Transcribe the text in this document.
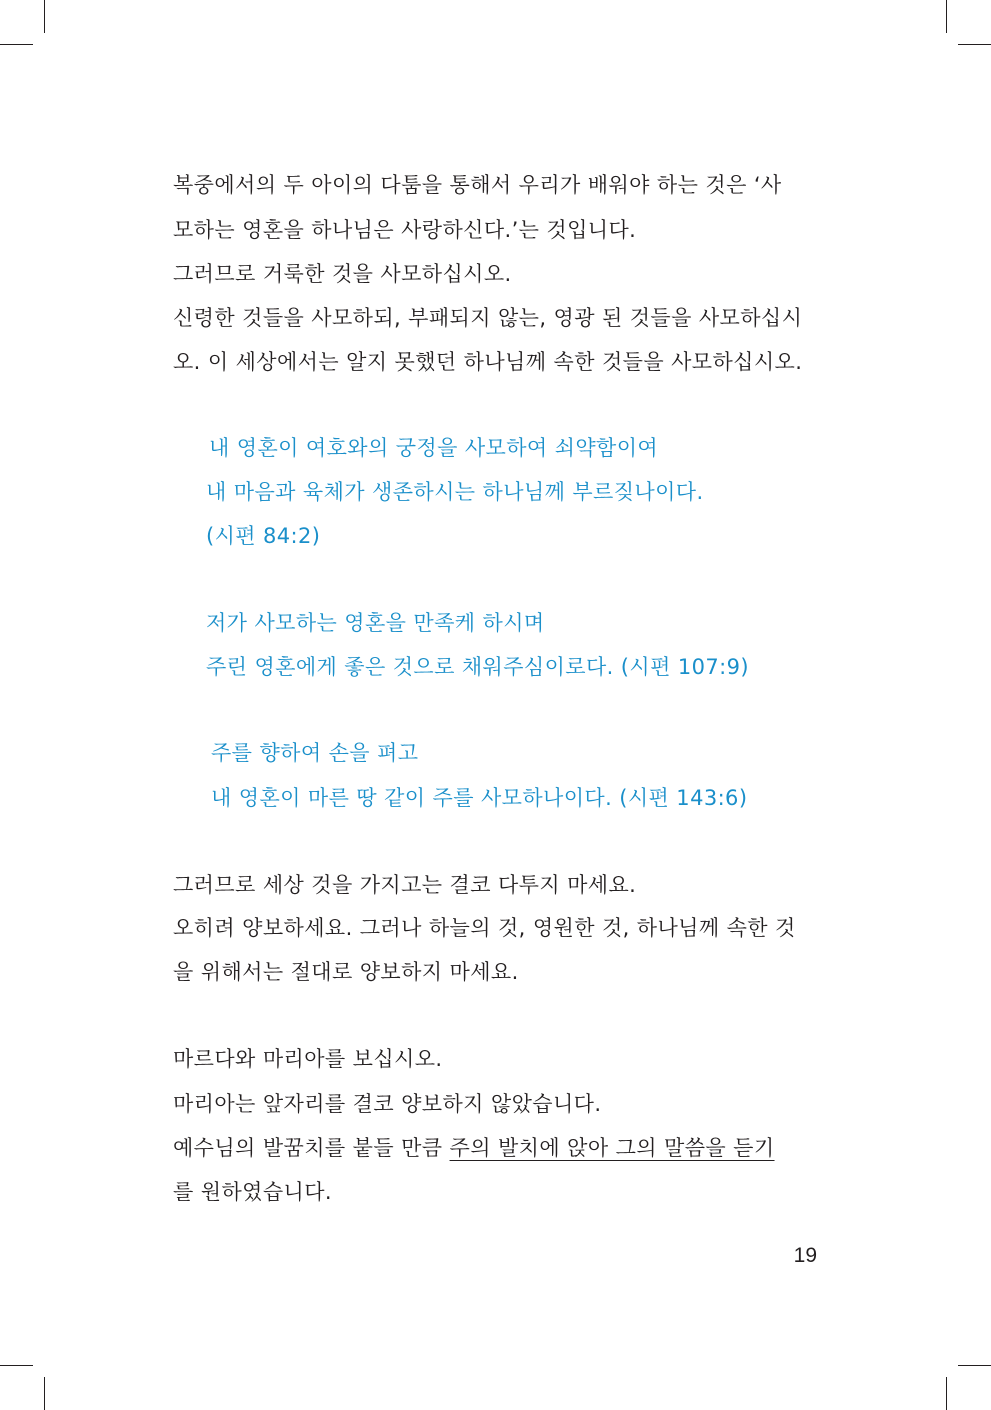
복중에서의 두 아이의 다툼을 통해서 우리가 배워야 하는 것은 ‘사
모하는 영혼을 하나님은 사랑하신다.’는 것입니다.
그러므로 거룩한 것을 사모하십시오.
신령한 것들을 사모하되, 부패되지 않는, 영광 된 것들을 사모하십시
오. 이 세상에서는 알지 못했던 하나님께 속한 것들을 사모하십시오.
내 영혼이 여호와의 궁정을 사모하여 쇠약함이여
내 마음과 육체가 생존하시는 하나님께 부르짖나이다.
(시편 84:2)
저가 사모하는 영혼을 만족케 하시며
주린 영혼에게 좋은 것으로 채워주심이로다. (시편 107:9)
주를 향하여 손을 펴고
내 영혼이 마른 땅 같이 주를 사모하나이다. (시편 143:6)
그러므로 세상 것을 가지고는 결코 다투지 마세요.
오히려 양보하세요. 그러나 하늘의 것, 영원한 것, 하나님께 속한 것
을 위해서는 절대로 양보하지 마세요.
마르다와 마리아를 보십시오.
마리아는 앞자리를 결코 양보하지 않았습니다.
예수님의 발꿈치를 붙들 만큼 주의 발치에 앉아 그의 말씀을 듣기
를 원하였습니다.
19
